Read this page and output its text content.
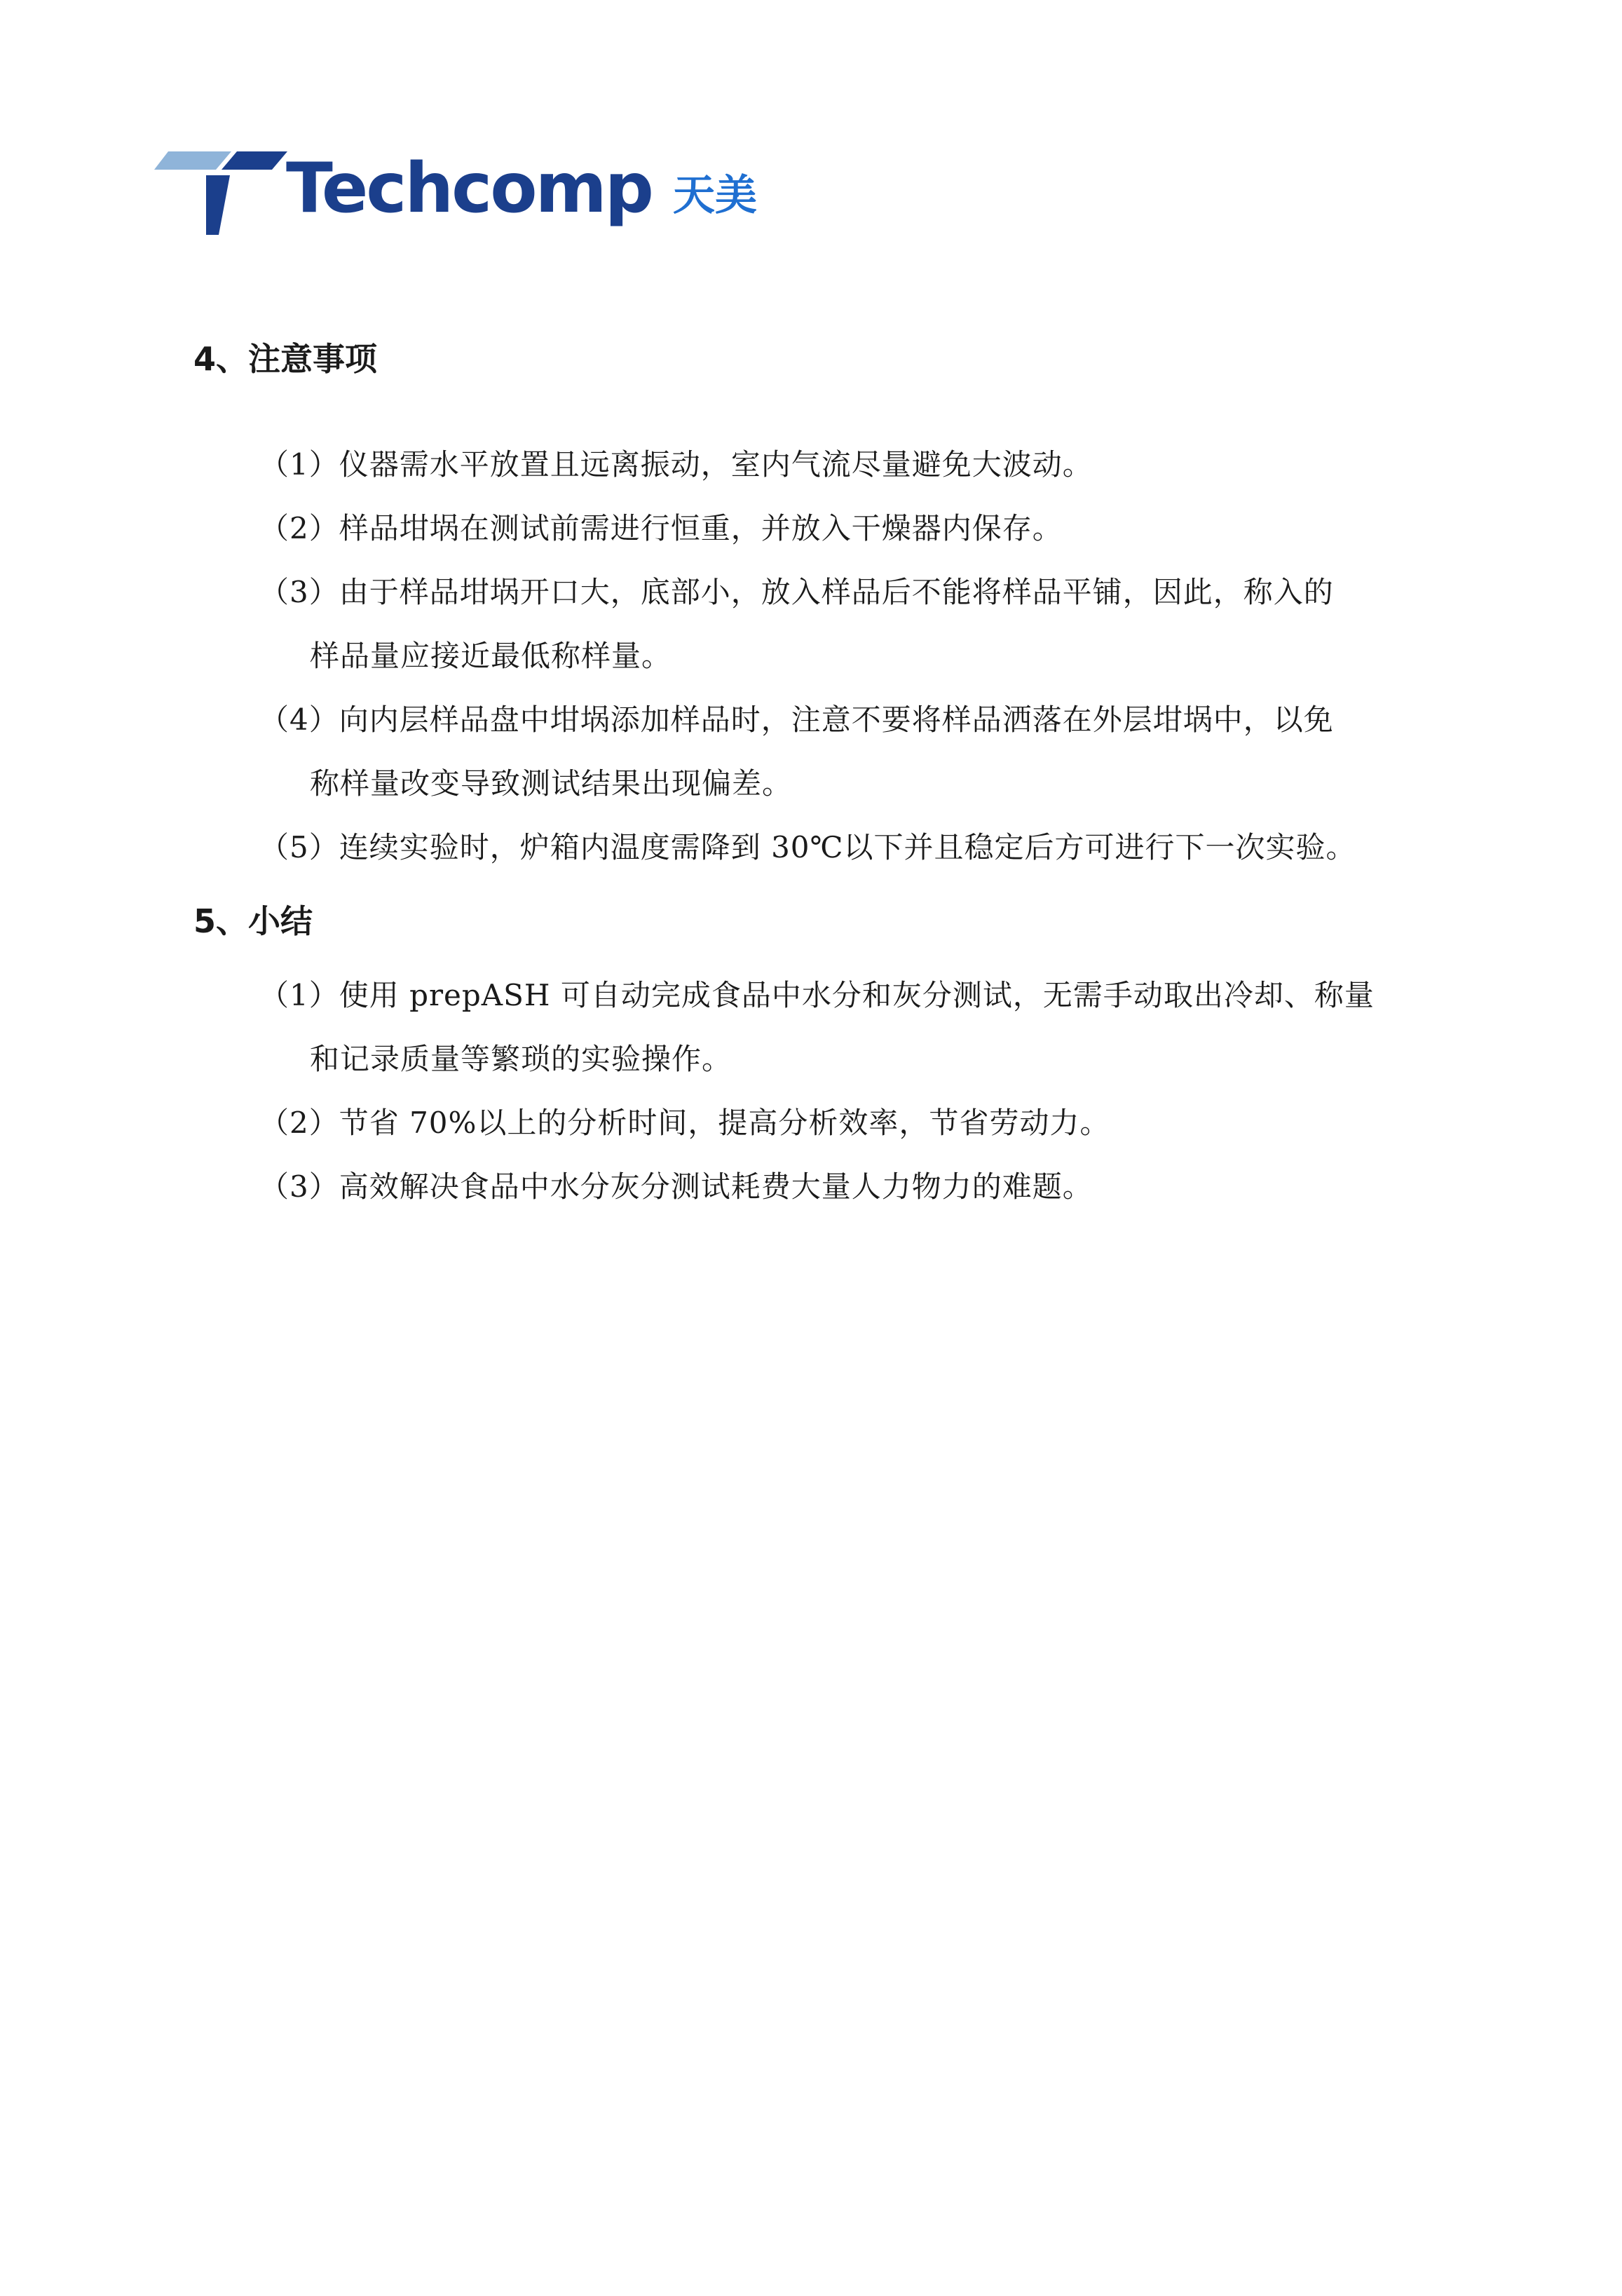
Techcomp 天美
4、注意事项
（1）仪器需水平放置且远离振动，室内气流尽量避免大波动。
（2）样品坩埚在测试前需进行恒重，并放入干燥器内保存。
（3）由于样品坩埚开口大，底部小，放入样品后不能将样品平铺，因此，称入的
样品量应接近最低称样量。
（4）向内层样品盘中坩埚添加样品时，注意不要将样品洒落在外层坩埚中，以免
称样量改变导致测试结果出现偏差。
（5）连续实验时，炉箱内温度需降到 30℃以下并且稳定后方可进行下一次实验。
5、小结
（1）使用 prepASH 可自动完成食品中水分和灰分测试，无需手动取出冷却、称量
和记录质量等繁琐的实验操作。
（2）节省 70%以上的分析时间，提高分析效率，节省劳动力。
（3）高效解决食品中水分灰分测试耗费大量人力物力的难题。
